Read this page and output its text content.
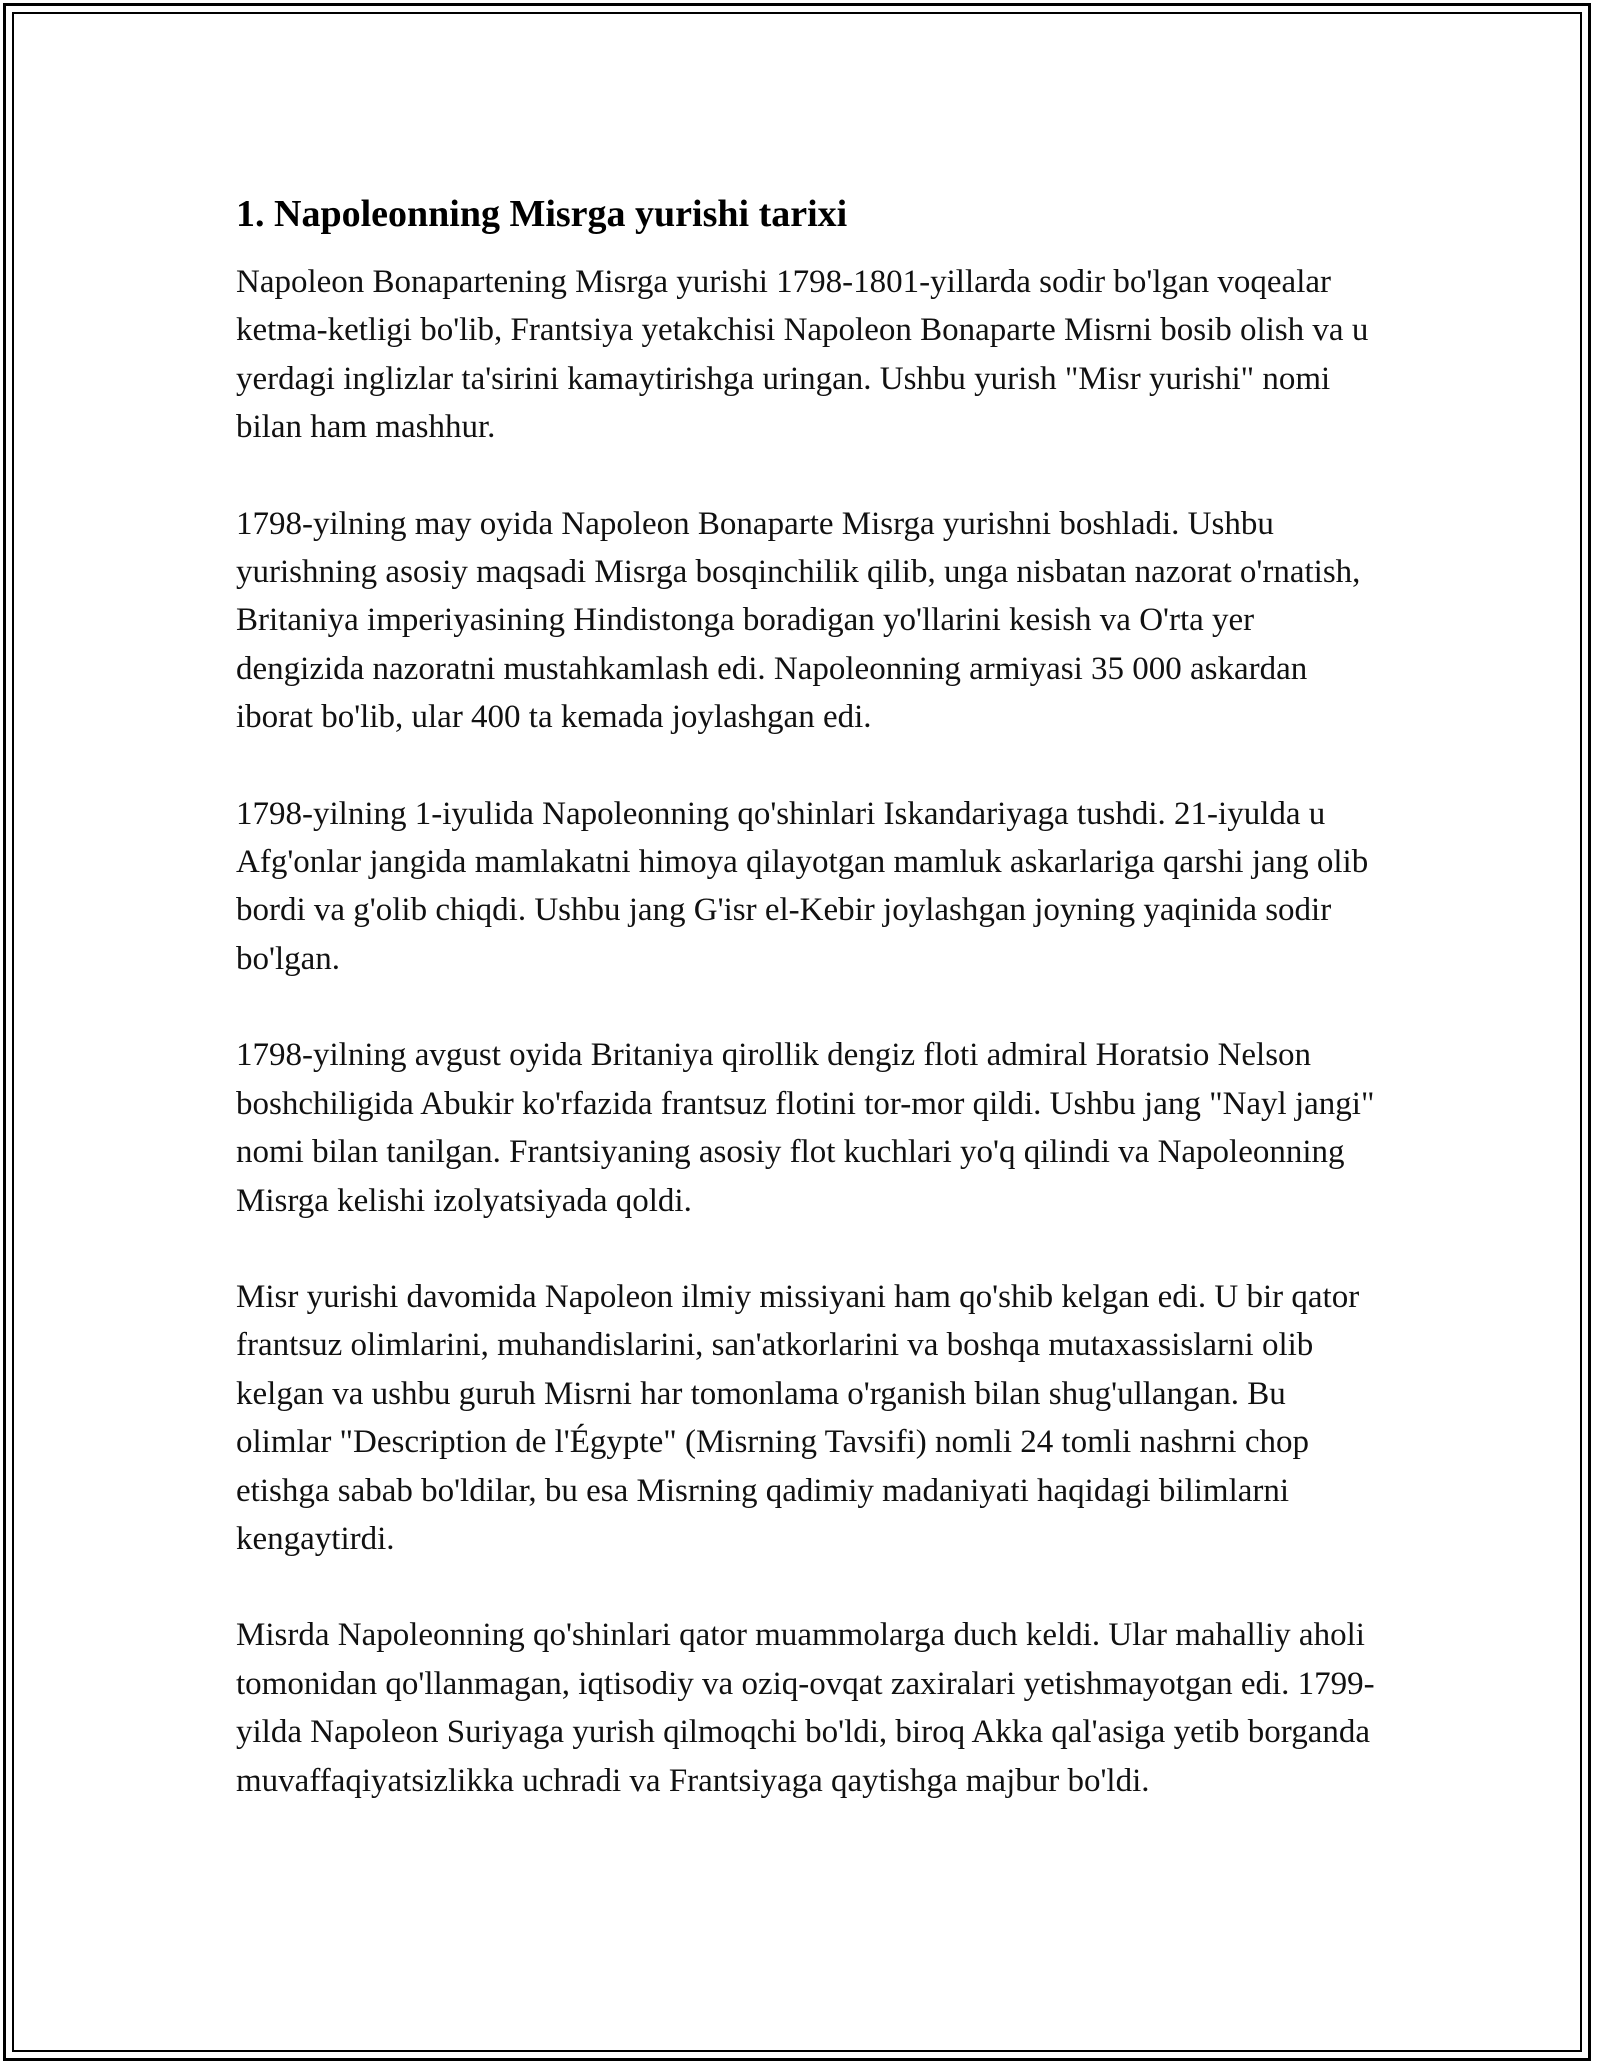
1. Napoleonning Misrga yurishi tarixi

Napoleon Bonapartening Misrga yurishi 1798-1801-yillarda sodir bo'lgan voqealar ketma-ketligi bo'lib, Frantsiya yetakchisi Napoleon Bonaparte Misrni bosib olish va u yerdagi inglizlar ta'sirini kamaytirishga uringan. Ushbu yurish "Misr yurishi" nomi bilan ham mashhur.

1798-yilning may oyida Napoleon Bonaparte Misrga yurishni boshladi. Ushbu yurishning asosiy maqsadi Misrga bosqinchilik qilib, unga nisbatan nazorat o'rnatish, Britaniya imperiyasining Hindistonga boradigan yo'llarini kesish va O'rta yer dengizida nazoratni mustahkamlash edi. Napoleonning armiyasi 35 000 askardan iborat bo'lib, ular 400 ta kemada joylashgan edi.

1798-yilning 1-iyulida Napoleonning qo'shinlari Iskandariyaga tushdi. 21-iyulda u Afg'onlar jangida mamlakatni himoya qilayotgan mamluk askarlariga qarshi jang olib bordi va g'olib chiqdi. Ushbu jang G'isr el-Kebir joylashgan joyning yaqinida sodir bo'lgan.

1798-yilning avgust oyida Britaniya qirollik dengiz floti admiral Horatsio Nelson boshchiligida Abukir ko'rfazida frantsuz flotini tor-mor qildi. Ushbu jang "Nayl jangi" nomi bilan tanilgan. Frantsiyaning asosiy flot kuchlari yo'q qilindi va Napoleonning Misrga kelishi izolyatsiyada qoldi.

Misr yurishi davomida Napoleon ilmiy missiyani ham qo'shib kelgan edi. U bir qator frantsuz olimlarini, muhandislarini, san'atkorlarini va boshqa mutaxassislarni olib kelgan va ushbu guruh Misrni har tomonlama o'rganish bilan shug'ullangan. Bu olimlar "Description de l'Égypte" (Misrning Tavsifi) nomli 24 tomli nashrni chop etishga sabab bo'ldilar, bu esa Misrning qadimiy madaniyati haqidagi bilimlarni kengaytirdi.

Misrda Napoleonning qo'shinlari qator muammolarga duch keldi. Ular mahalliy aholi tomonidan qo'llanmagan, iqtisodiy va oziq-ovqat zaxiralari yetishmayotgan edi. 1799-yilda Napoleon Suriyaga yurish qilmoqchi bo'ldi, biroq Akka qal'asiga yetib borganda muvaffaqiyatsizlikka uchradi va Frantsiyaga qaytishga majbur bo'ldi.
